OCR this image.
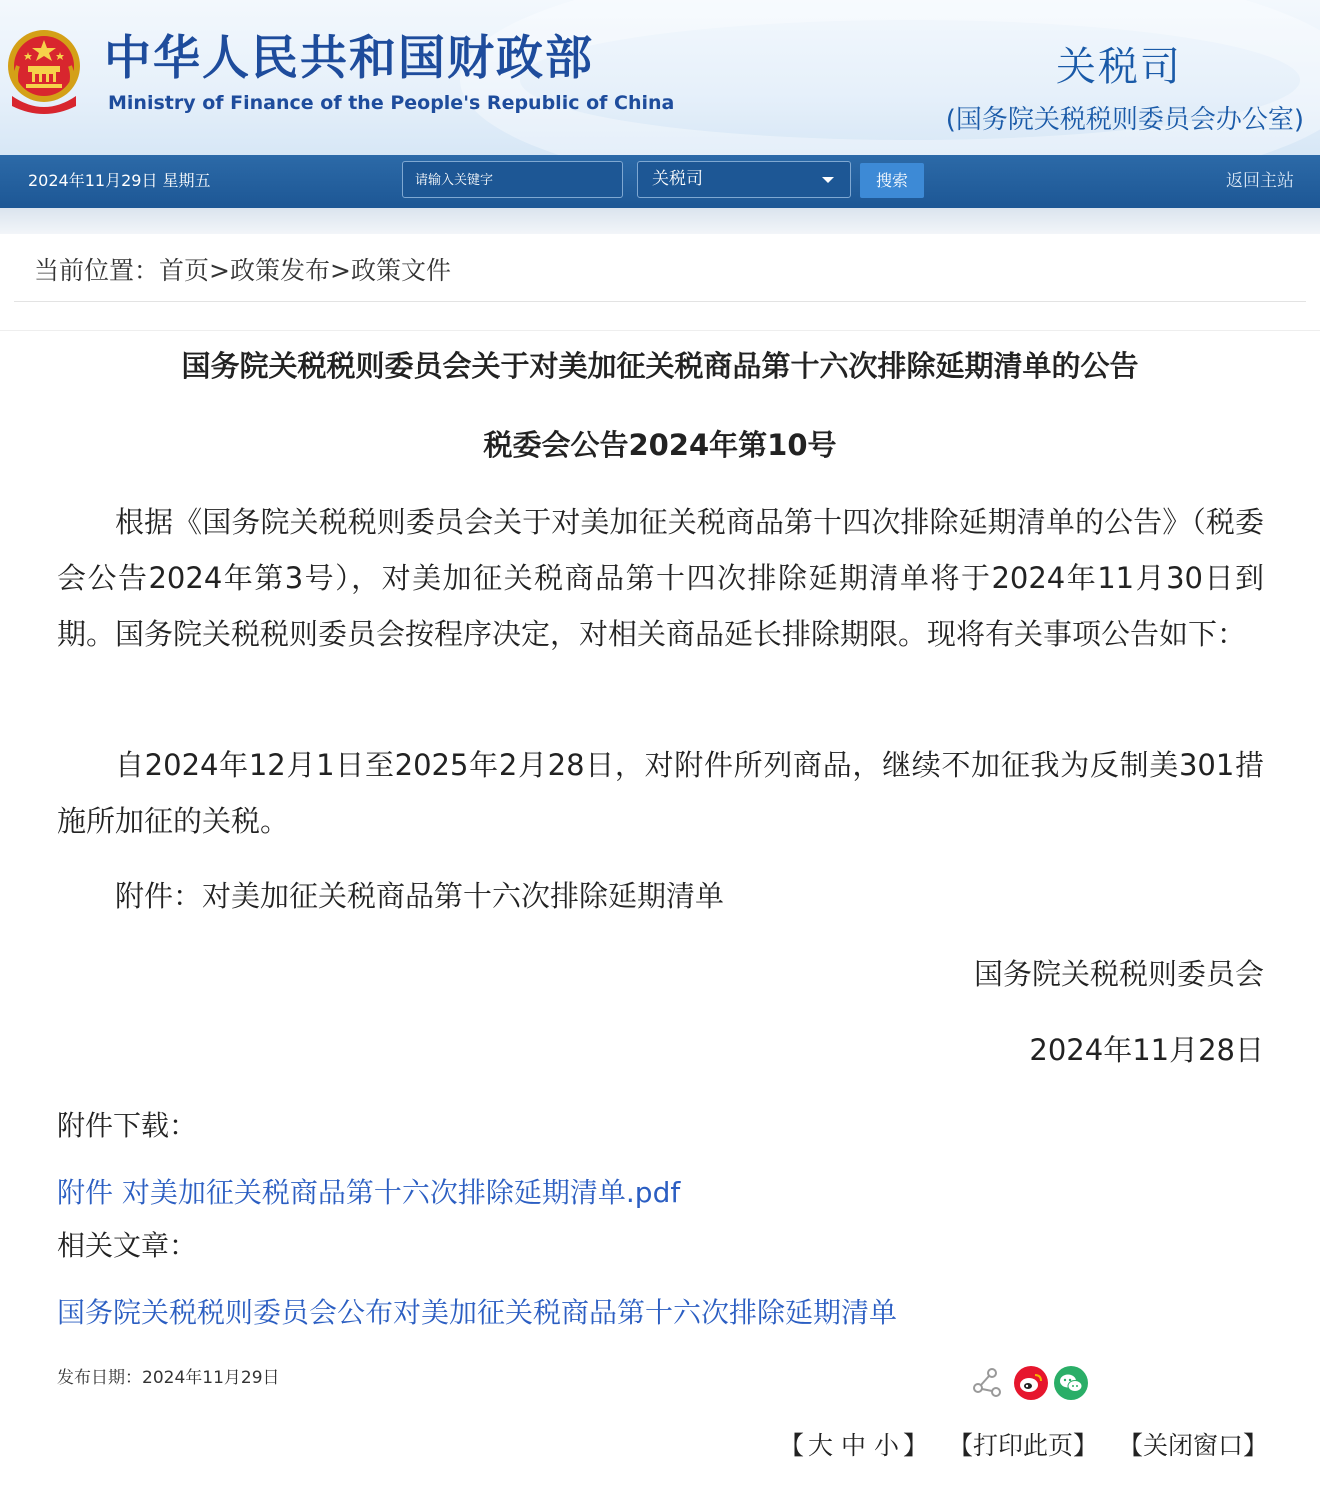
中华人民共和国财政部
Ministry of Finance of the People's Republic of China
关税司
(国务院关税税则委员会办公室)
2024年11月29日 星期五
请输入关键字	关税司	搜索	返回主站
当前位置：首页>政策发布>政策文件
国务院关税税则委员会关于对美加征关税商品第十六次排除延期清单的公告
税委会公告2024年第10号

根据《国务院关税税则委员会关于对美加征关税商品第十四次排除延期清单的公告》（税委会公告2024年第3号），对美加征关税商品第十四次排除延期清单将于2024年11月30日到期。国务院关税税则委员会按程序决定，对相关商品延长排除期限。现将有关事项公告如下：

自2024年12月1日至2025年2月28日，对附件所列商品，继续不加征我为反制美301措施所加征的关税。

附件：对美加征关税商品第十六次排除延期清单

国务院关税税则委员会
2024年11月28日
附件下载：
附件 对美加征关税商品第十六次排除延期清单.pdf
相关文章：
国务院关税税则委员会公布对美加征关税商品第十六次排除延期清单
发布日期：2024年11月29日
【 大 中 小 】 【打印此页】 【关闭窗口】
